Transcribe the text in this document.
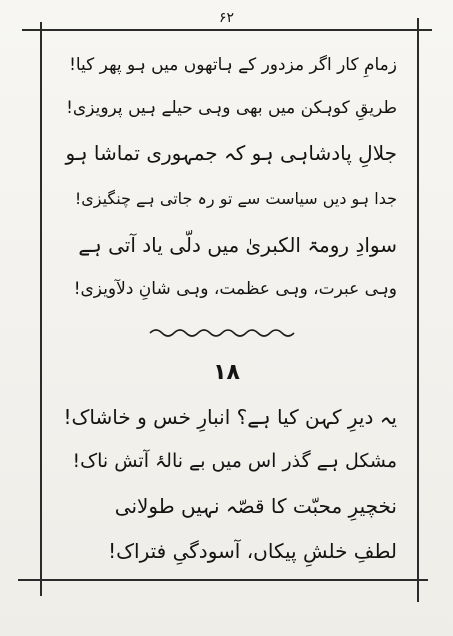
۶۲
زمامِ کار اگر مزدور کے ہاتھوں میں ہو پھر کیا!
طریقِ کوہکن میں بھی وہی حیلے ہیں پرویزی!
جلالِ پادشاہی ہو کہ جمہوری تماشا ہو
جدا ہو دیں سیاست سے تو رہ جاتی ہے چنگیزی!
سوادِ رومۃ الکبریٰ میں دلّی یاد آتی ہے
وہی عبرت، وہی عظمت، وہی شانِ دلآویزی!
۱۸
یہ دیرِ کہن کیا ہے؟ انبارِ خس و خاشاک!
مشکل ہے گذر اس میں بے نالۂ آتش ناک!
نخچیرِ محبّت کا قصّہ نہیں طولانی
لطفِ خلشِ پیکاں، آسودگیِ فتراک!
